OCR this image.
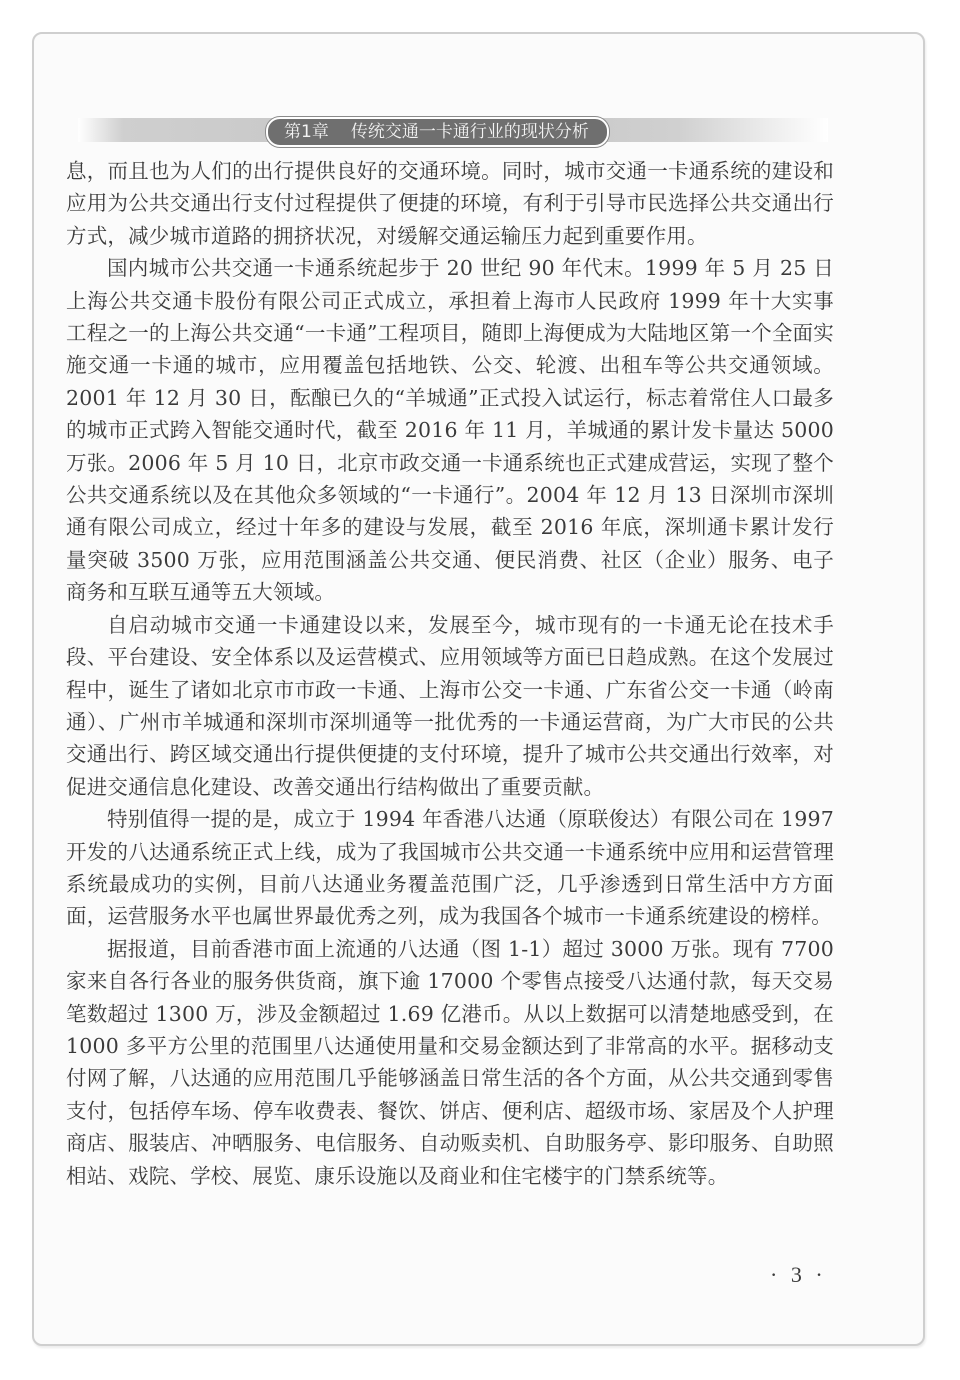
第1章 传统交通一卡通行业的现状分析

息，而且也为人们的出行提供良好的交通环境。同时，城市交通一卡通系统的建设和应用为公共交通出行支付过程提供了便捷的环境，有利于引导市民选择公共交通出行方式，减少城市道路的拥挤状况，对缓解交通运输压力起到重要作用。

国内城市公共交通一卡通系统起步于 20 世纪 90 年代末。1999 年 5 月 25 日上海公共交通卡股份有限公司正式成立，承担着上海市人民政府 1999 年十大实事工程之一的上海公共交通“一卡通”工程项目，随即上海便成为大陆地区第一个全面实施交通一卡通的城市，应用覆盖包括地铁、公交、轮渡、出租车等公共交通领域。2001 年 12 月 30 日，酝酿已久的“羊城通”正式投入试运行，标志着常住人口最多的城市正式跨入智能交通时代，截至 2016 年 11 月，羊城通的累计发卡量达 5000 万张。2006 年 5 月 10 日，北京市政交通一卡通系统也正式建成营运，实现了整个公共交通系统以及在其他众多领域的“一卡通行”。2004 年 12 月 13 日深圳市深圳通有限公司成立，经过十年多的建设与发展，截至 2016 年底，深圳通卡累计发行量突破 3500 万张，应用范围涵盖公共交通、便民消费、社区（企业）服务、电子商务和互联互通等五大领域。

自启动城市交通一卡通建设以来，发展至今，城市现有的一卡通无论在技术手段、平台建设、安全体系以及运营模式、应用领域等方面已日趋成熟。在这个发展过程中，诞生了诸如北京市市政一卡通、上海市公交一卡通、广东省公交一卡通（岭南通）、广州市羊城通和深圳市深圳通等一批优秀的一卡通运营商，为广大市民的公共交通出行、跨区域交通出行提供便捷的支付环境，提升了城市公共交通出行效率，对促进交通信息化建设、改善交通出行结构做出了重要贡献。

特别值得一提的是，成立于 1994 年香港八达通（原联俊达）有限公司在 1997 开发的八达通系统正式上线，成为了我国城市公共交通一卡通系统中应用和运营管理系统最成功的实例，目前八达通业务覆盖范围广泛，几乎渗透到日常生活中方方面面，运营服务水平也属世界最优秀之列，成为我国各个城市一卡通系统建设的榜样。

据报道，目前香港市面上流通的八达通（图 1-1）超过 3000 万张。现有 7700 家来自各行各业的服务供货商，旗下逾 17000 个零售点接受八达通付款，每天交易笔数超过 1300 万，涉及金额超过 1.69 亿港币。从以上数据可以清楚地感受到，在 1000 多平方公里的范围里八达通使用量和交易金额达到了非常高的水平。据移动支付网了解，八达通的应用范围几乎能够涵盖日常生活的各个方面，从公共交通到零售支付，包括停车场、停车收费表、餐饮、饼店、便利店、超级市场、家居及个人护理商店、服装店、冲晒服务、电信服务、自动贩卖机、自助服务亭、影印服务、自助照相站、戏院、学校、展览、康乐设施以及商业和住宅楼宇的门禁系统等。

· 3 ·
